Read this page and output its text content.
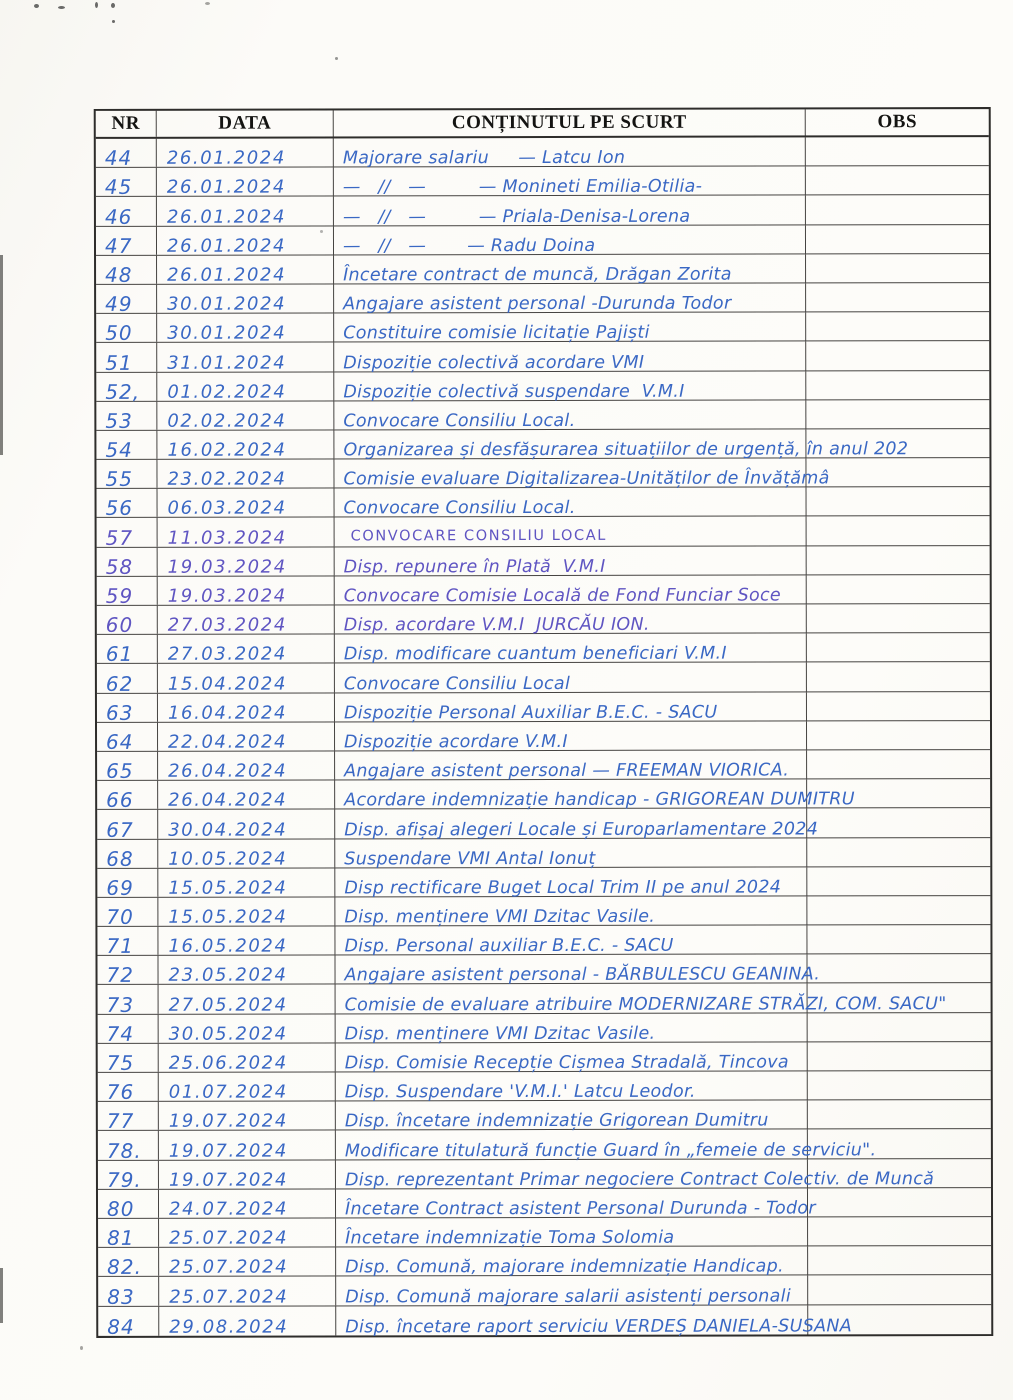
NR	DATA	CONȚINUTUL PE SCURT	OBS
44	26.01.2024	Majorare salariu     — Latcu Ion
45	26.01.2024	—   //   —         — Monineti Emilia-Otilia-
46	26.01.2024	—   //   —         — Priala-Denisa-Lorena
47	26.01.2024	—   //   —       — Radu Doina
48	26.01.2024	Încetare contract de muncă, Drăgan Zorita
49	30.01.2024	Angajare asistent personal -Durunda Todor
50	30.01.2024	Constituire comisie licitație Pajiști
51	31.01.2024	Dispoziție colectivă acordare VMI
52,	01.02.2024	Dispoziție colectivă suspendare  V.M.I
53	02.02.2024	Convocare Consiliu Local.
54	16.02.2024	Organizarea și desfășurarea situațiilor de urgență, în anul 202
55	23.02.2024	Comisie evaluare Digitalizarea-Unităților de Învățămâ
56	06.03.2024	Convocare Consiliu Local.
57	11.03.2024	CONVOCARE CONSILIU LOCAL
58	19.03.2024	Disp. repunere în Plată  V.M.I
59	19.03.2024	Convocare Comisie Locală de Fond Funciar Soce
60	27.03.2024	Disp. acordare V.M.I  JURCĂU ION.
61	27.03.2024	Disp. modificare cuantum beneficiari V.M.I
62	15.04.2024	Convocare Consiliu Local
63	16.04.2024	Dispoziție Personal Auxiliar B.E.C. - SACU
64	22.04.2024	Dispoziție acordare V.M.I
65	26.04.2024	Angajare asistent personal — FREEMAN VIORICA.
66	26.04.2024	Acordare indemnizație handicap - GRIGOREAN DUMITRU
67	30.04.2024	Disp. afișaj alegeri Locale și Europarlamentare 2024
68	10.05.2024	Suspendare VMI Antal Ionuț
69	15.05.2024	Disp rectificare Buget Local Trim II pe anul 2024
70	15.05.2024	Disp. menținere VMI Dzitac Vasile.
71	16.05.2024	Disp. Personal auxiliar B.E.C. - SACU
72	23.05.2024	Angajare asistent personal - BĂRBULESCU GEANINA.
73	27.05.2024	Comisie de evaluare atribuire MODERNIZARE STRĂZI, COM. SACU"
74	30.05.2024	Disp. menținere VMI Dzitac Vasile.
75	25.06.2024	Disp. Comisie Recepție Cișmea Stradală, Tincova
76	01.07.2024	Disp. Suspendare 'V.M.I.' Latcu Leodor.
77	19.07.2024	Disp. încetare indemnizație Grigorean Dumitru
78.	19.07.2024	Modificare titulatură funcție Guard în „femeie de serviciu".
79.	19.07.2024	Disp. reprezentant Primar negociere Contract Colectiv. de Muncă
80	24.07.2024	Încetare Contract asistent Personal Durunda - Todor
81	25.07.2024	Încetare indemnizație Toma Solomia
82.	25.07.2024	Disp. Comună, majorare indemnizație Handicap.
83	25.07.2024	Disp. Comună majorare salarii asistenți personali
84	29.08.2024	Disp. încetare raport serviciu VERDEȘ DANIELA-SUSANA
